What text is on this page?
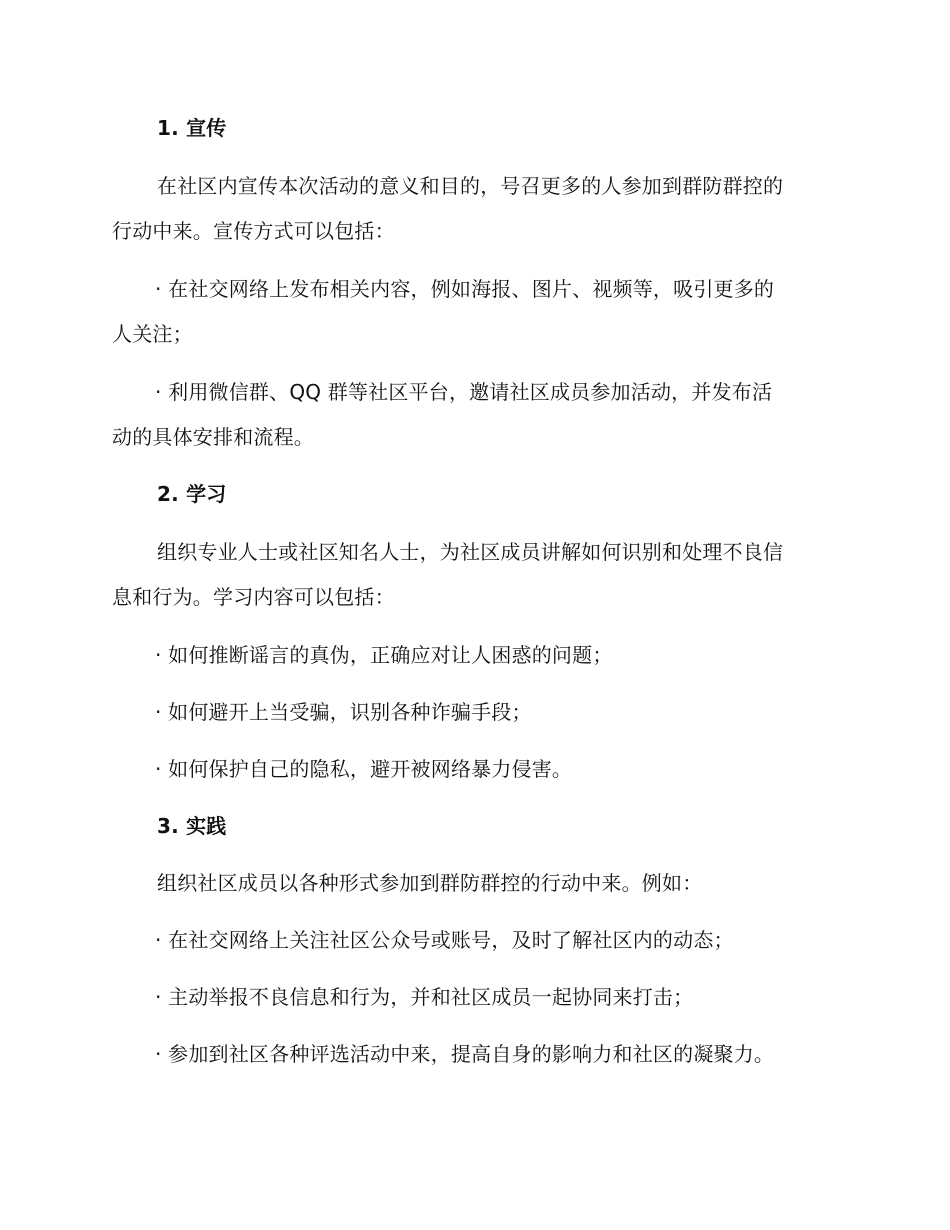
1. 宣传
在社区内宣传本次活动的意义和目的，号召更多的人参加到群防群控的
行动中来。宣传方式可以包括：
· 在社交网络上发布相关内容，例如海报、图片、视频等，吸引更多的
人关注；
· 利用微信群、QQ 群等社区平台，邀请社区成员参加活动，并发布活
动的具体安排和流程。
2. 学习
组织专业人士或社区知名人士，为社区成员讲解如何识别和处理不良信
息和行为。学习内容可以包括：
· 如何推断谣言的真伪，正确应对让人困惑的问题；
· 如何避开上当受骗，识别各种诈骗手段；
· 如何保护自己的隐私，避开被网络暴力侵害。
3. 实践
组织社区成员以各种形式参加到群防群控的行动中来。例如：
· 在社交网络上关注社区公众号或账号，及时了解社区内的动态；
· 主动举报不良信息和行为，并和社区成员一起协同来打击；
· 参加到社区各种评选活动中来，提高自身的影响力和社区的凝聚力。
